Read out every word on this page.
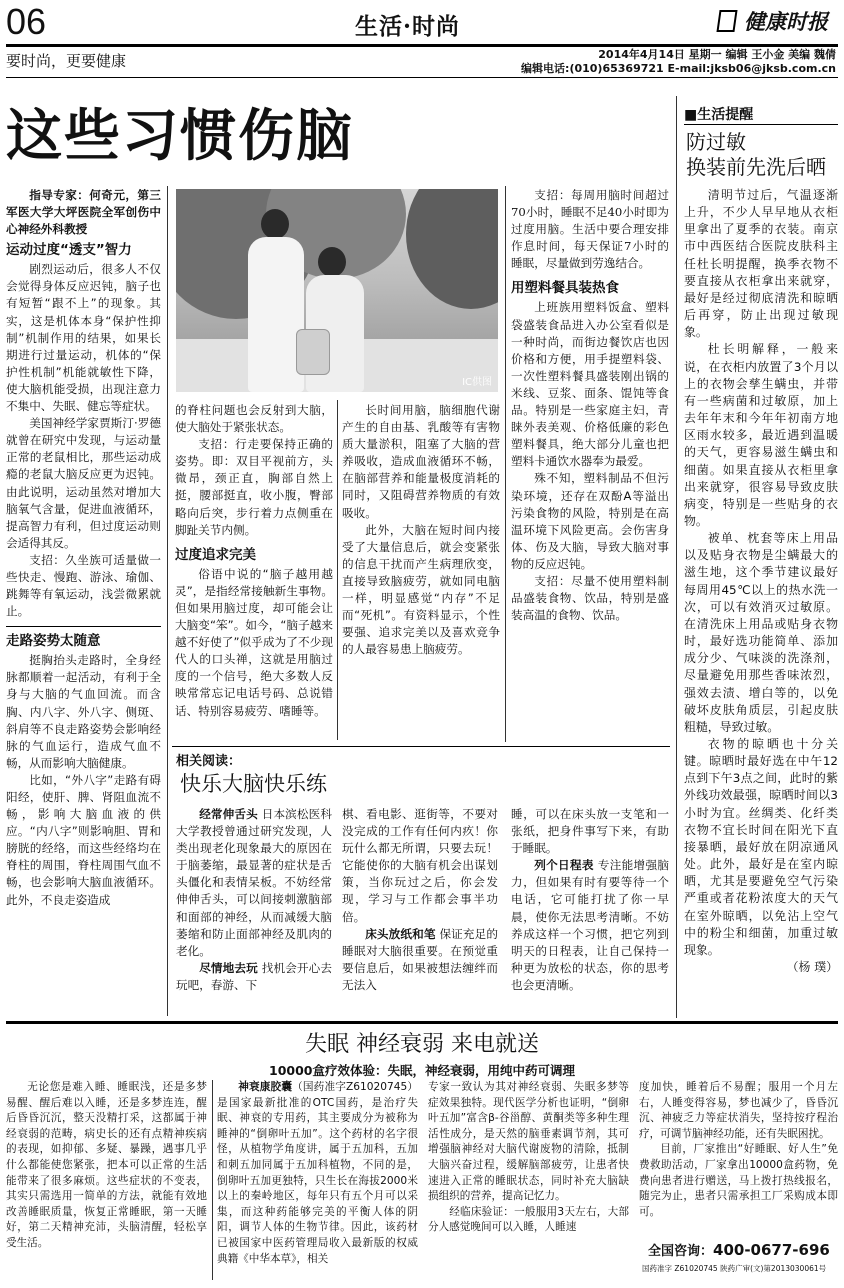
06	生活·时尚	健康时报
要时尚，更要健康	2014年4月14日 星期一 编辑 王小金 美编 魏倩
编辑电话:(010)65369721 E-mail:jksb06@jksb.com.cn
这些习惯伤脑

指导专家：何奇元，第三军医大学大坪医院全军创伤中心神经外科教授

运动过度“透支”智力

剧烈运动后，很多人不仅会觉得身体反应迟钝，脑子也有短暂“跟不上”的现象。其实，这是机体本身“保护性抑制”机制作用的结果，如果长期进行过量运动，机体的“保护性机制”机能就敏性下降，使大脑机能受损，出现注意力不集中、失眠、健忘等症状。

美国神经学家贾斯汀·罗德就曾在研究中发现，与运动量正常的老鼠相比，那些运动成瘾的老鼠大脑反应更为迟钝。由此说明，运动虽然对增加大脑氧气含量，促进血液循环，提高智力有利，但过度运动则会适得其反。

支招：久坐族可适量做一些快走、慢跑、游泳、瑜伽、跳舞等有氧运动，浅尝微累就止。

走路姿势太随意

挺胸抬头走路时，全身经脉都顺着一起活动，有利于全身与大脑的气血回流。而含胸、内八字、外八字、侧斑、斜肩等不良走路姿势会影响经脉的气血运行，造成气血不畅，从而影响大脑健康。

比如，“外八字”走路有碍阳经，使肝、脾、肾阻血流不畅，影响大脑血液的供应。“内八字”则影响胆、胃和膀胱的经络，而这些经络均在脊柱的周围，脊柱周围气血不畅，也会影响大脑血液循环。此外，不良走姿造成

IC供图

的脊柱问题也会反射到大脑，使大脑处于紧张状态。

支招：行走要保持正确的姿势。即：双目平视前方，头微昂，颈正直，胸部自然上挺，腰部挺直，收小腹，臀部略向后突，步行着力点侧重在脚趾关节内侧。

过度追求完美

俗语中说的“脑子越用越灵”，是指经常接触新生事物。但如果用脑过度，却可能会让大脑变“笨”。如今，“脑子越来越不好使了”似乎成为了不少现代人的口头禅，这就是用脑过度的一个信号，绝大多数人反映常常忘记电话号码、总说错话、特别容易疲劳、嗜睡等。

长时间用脑，脑细胞代谢产生的自由基、乳酸等有害物质大量淤积，阻塞了大脑的营养吸收，造成血液循环不畅，在脑部营养和能量极度消耗的同时，又阻碍营养物质的有效吸收。

此外，大脑在短时间内接受了大量信息后，就会变紧张的信息干扰而产生病理欣变，直接导致脑疲劳，就如同电脑一样，明显感觉“内存”不足而“死机”。有资料显示，个性要强、追求完美以及喜欢竞争的人最容易患上脑疲劳。

支招：每周用脑时间超过70小时，睡眠不足40小时即为过度用脑。生活中要合理安排作息时间，每天保证7小时的睡眠，尽量做到劳逸结合。

用塑料餐具装热食

上班族用塑料饭盒、塑料袋盛装食品进入办公室看似是一种时尚，而街边餐饮店也因价格和方便，用手提塑料袋、一次性塑料餐具盛装刚出锅的米线、豆浆、面条、馄饨等食品。特别是一些家庭主妇，青睐外表美观、价格低廉的彩色塑料餐具，绝大部分儿童也把塑料卡通饮水器奉为最爱。

殊不知，塑料制品不但污染环境，还存在双酚A等溢出污染食物的风险，特别是在高温环境下风险更高。会伤害身体、伤及大脑，导致大脑对事物的反应迟钝。

支招：尽量不使用塑料制品盛装食物、饮品，特别是盛装高温的食物、饮品。

相关阅读：
快乐大脑快乐练

经常伸舌头 日本滨松医科大学教授曾通过研究发现，人类出现老化现象最大的原因在于脑萎缩，最显著的症状是舌头僵化和表情呆板。不妨经常伸伸舌头，可以间接刺激脑部和面部的神经，从而减缓大脑萎缩和防止面部神经及肌肉的老化。

尽情地去玩 找机会开心去玩吧，春游、下

棋、看电影、逛街等，不要对没完成的工作有任何内疚！你玩什么都无所谓，只要去玩！它能使你的大脑有机会出谋划策，当你玩过之后，你会发现，学习与工作都会事半功倍。

床头放纸和笔 保证充足的睡眠对大脑很重要。在预觉重要信息后，如果被想法缠绊而无法入

睡，可以在床头放一支笔和一张纸，把身件事写下来，有助于睡眠。

列个日程表 专注能增强脑力，但如果有时有要等待一个电话，它可能打扰了你一早晨，使你无法思考清晰。不妨养成这样一个习惯，把它列到明天的日程表，让自己保持一种更为放松的状态，你的思考也会更清晰。

■生活提醒
防过敏
换装前先洗后晒

清明节过后，气温逐渐上升，不少人早早地从衣柜里拿出了夏季的衣装。南京市中西医结合医院皮肤科主任杜长明提醒，换季衣物不要直接从衣柜拿出来就穿，最好是经过彻底清洗和晾晒后再穿，防止出现过敏现象。

杜长明解释，一般来说，在衣柜内放置了3个月以上的衣物会孳生螨虫，并带有一些病菌和过敏原，加上去年年末和今年年初南方地区雨水较多，最近遇到温暖的天气，更容易滋生螨虫和细菌。如果直接从衣柜里拿出来就穿，很容易导致皮肤病变，特别是一些贴身的衣物。

被单、枕套等床上用品以及贴身衣物是尘螨最大的滋生地，这个季节建议最好每周用45℃以上的热水洗一次，可以有效消灭过敏原。在清洗床上用品或贴身衣物时，最好选功能简单、添加成分少、气味淡的洗涤剂，尽量避免用那些香味浓烈，强效去渍、增白等的，以免破坏皮肤角质层，引起皮肤粗糙，导致过敏。

衣物的晾晒也十分关键。晾晒时最好选在中午12点到下午3点之间，此时的紫外线功效最强，晾晒时间以3小时为宜。丝绸类、化纤类衣物不宜长时间在阳光下直接暴晒，最好放在阴凉通风处。此外，最好是在室内晾晒，尤其是要避免空气污染严重或者花粉浓度大的天气在室外晾晒，以免沾上空气中的粉尘和细菌，加重过敏现象。

（杨 璞）

失眠 神经衰弱 来电就送
10000盒疗效体验：失眠，神经衰弱，用纯中药可调理

无论您是难入睡、睡眠浅，还是多梦易醒、醒后难以入睡，还是多梦连连，醒后昏昏沉沉，整天没精打采，这都属于神经衰弱的范畴，病史长的还有点精神疾病的表现，如抑郁、多疑、暴躁，遇事几乎什么都能使您紧张，把本可以正常的生活能带来了很多麻烦。这些症状的不变表，其实只需选用一简单的方法，就能有效地改善睡眠质量，恢复正常睡眠，第一天睡好，第二天精神充沛，头脑清醒，轻松享受生活。

神衰康胶囊（国药准字Z61020745）是国家最新批准的OTC国药，是治疗失眠、神衰的专用药，其主要成分为被称为睡神的“倒卵叶五加”。这个药材的名字很怪，从植物学角度讲，属于五加科，五加和刺五加同属于五加科植物，不同的是，倒卵叶五加更独特，只生长在海拔2000米以上的秦岭地区，每年只有五个月可以采集，而这种药能够完美的平衡人体的阴阳，调节人体的生物节律。因此，该药材已被国家中医药管理局收入最新版的权威典籍《中华本草》，相关

专家一致认为其对神经衰弱、失眠多梦等症效果独特。现代医学分析也证明，“倒卵叶五加”富含β-谷甾醇、黄酮类等多种生理活性成分，是天然的脑垂素调节剂，其可增强脑神经对大脑代谢废物的清除，抵制大脑兴奋过程，缓解脑部疲劳，让患者快速进入正常的睡眠状态，同时补充大脑缺损组织的营养，提高记忆力。

经临床验证：一般服用3天左右，大部分人感觉晚间可以入睡，人睡速

度加快，睡着后不易醒；服用一个月左右，人睡变得容易，梦也减少了，昏昏沉沉、神疲乏力等症状消失，坚持按疗程治疗，可调节脑神经功能，还有失眠困扰。

目前，厂家推出“好睡眠、好人生”免费救助活动，厂家拿出10000盒药物，免费向患者进行赠送，马上拨打热线报名，随完为止，患者只需承担工厂采购成本即可。

全国咨询：400-0677-696
国药准字 Z61020745 陕药广审(文)第2013030061号
